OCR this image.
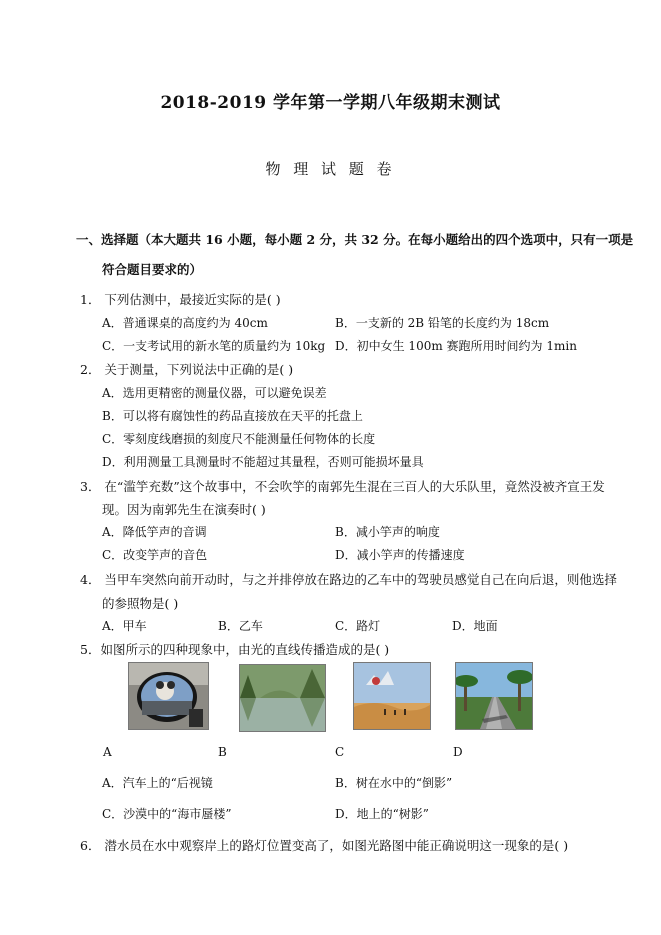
2018-2019 学年第一学期八年级期末测试
物 理 试 题 卷
一、选择题（本大题共 16 小题，每小题 2 分，共 32 分。在每小题给出的四个选项中，只有一项是
符合题目要求的）
1． 下列估测中，最接近实际的是( )
A．普通课桌的高度约为 40cm	B．一支新的 2B 铅笔的长度约为 18cm
C．一支考试用的新水笔的质量约为 10kg D．初中女生 100m 赛跑所用时间约为 1min
2． 关于测量，下列说法中正确的是( )
A．选用更精密的测量仪器，可以避免误差
B．可以将有腐蚀性的药品直接放在天平的托盘上
C．零刻度线磨损的刻度尺不能测量任何物体的长度
D．利用测量工具测量时不能超过其量程，否则可能损坏量具
3． 在“滥竽充数”这个故事中，不会吹竽的南郭先生混在三百人的大乐队里，竟然没被齐宣王发
现。因为南郭先生在演奏时( )
A．降低竽声的音调	B．减小竽声的响度
C．改变竽声的音色	D．减小竽声的传播速度
4． 当甲车突然向前开动时，与之并排停放在路边的乙车中的驾驶员感觉自己在向后退，则他选择
的参照物是( )
A．甲车	B．乙车	C．路灯	D．地面
5．如图所示的四种现象中，由光的直线传播造成的是( )
A	B	C	D
A．汽车上的“后视镜	B．树在水中的“倒影”
C．沙漠中的“海市蜃楼”	D．地上的“树影”
6． 潜水员在水中观察岸上的路灯位置变高了，如图光路图中能正确说明这一现象的是( )
